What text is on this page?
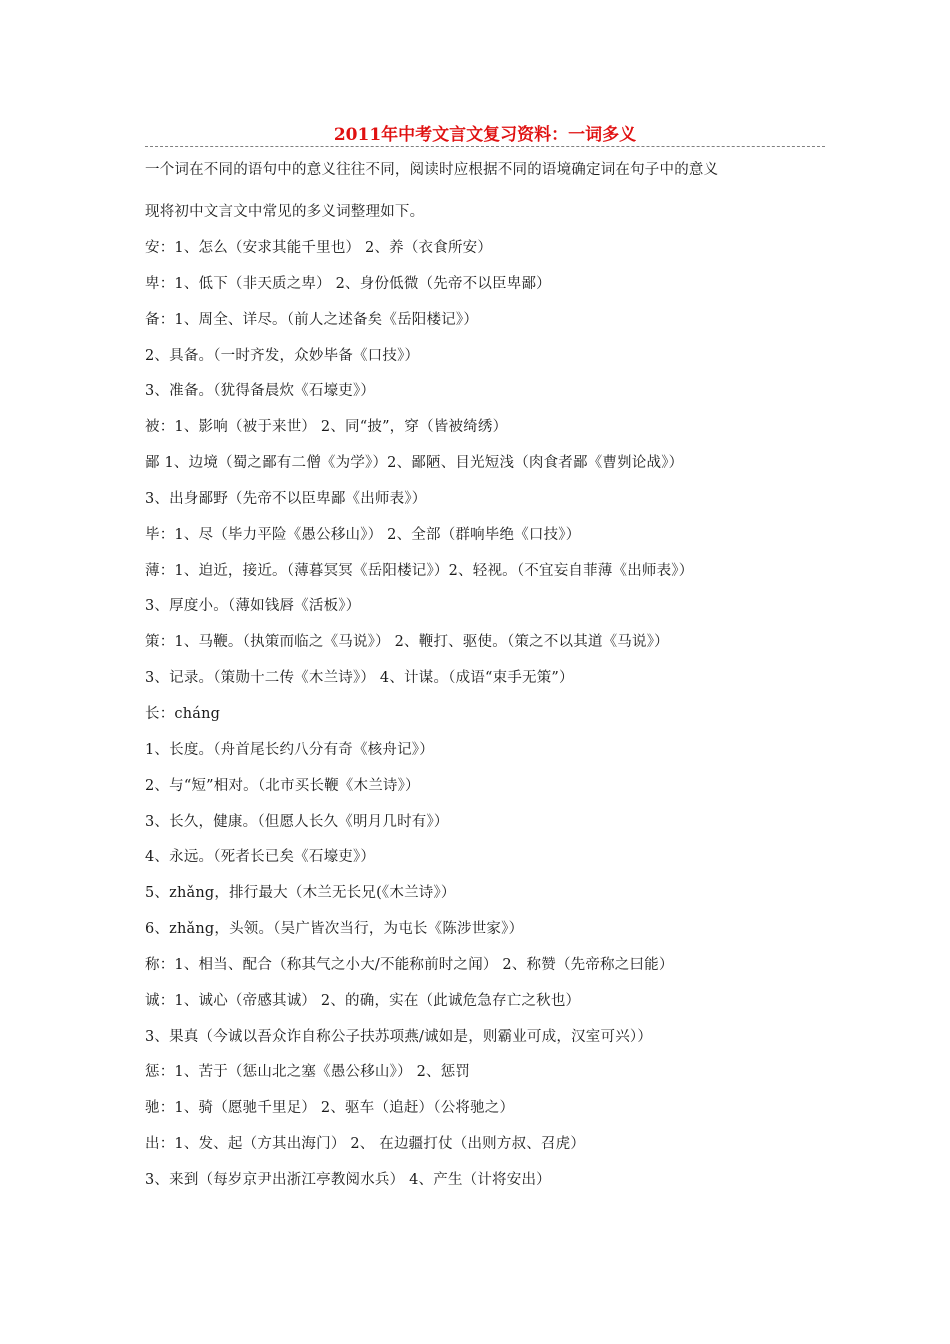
2011年中考文言文复习资料：一词多义
一个词在不同的语句中的意义往往不同，阅读时应根据不同的语境确定词在句子中的意义
现将初中文言文中常见的多义词整理如下。
安：1、怎么（安求其能千里也） 2、养（衣食所安）
卑：1、低下（非天质之卑） 2、身份低微（先帝不以臣卑鄙）
备：1、周全、详尽。（前人之述备矣《岳阳楼记》）
2、具备。（一时齐发，众妙毕备《口技》）
3、准备。（犹得备晨炊《石壕吏》）
被：1、影响（被于来世） 2、同“披”，穿（皆被绮绣）
鄙 1、边境（蜀之鄙有二僧《为学》）2、鄙陋、目光短浅（肉食者鄙《曹刿论战》）
3、出身鄙野（先帝不以臣卑鄙《出师表》）
毕：1、尽（毕力平险《愚公移山》） 2、全部（群响毕绝《口技》）
薄：1、迫近，接近。（薄暮冥冥《岳阳楼记》）2、轻视。（不宜妄自菲薄《出师表》）
3、厚度小。（薄如钱唇《活板》）
策：1、马鞭。（执策而临之《马说》） 2、鞭打、驱使。（策之不以其道《马说》）
3、记录。（策勋十二传《木兰诗》） 4、计谋。（成语“束手无策”）
长：cháng
1、长度。（舟首尾长约八分有奇《核舟记》）
2、与“短”相对。（北市买长鞭《木兰诗》）
3、长久，健康。（但愿人长久《明月几时有》）
4、永远。（死者长已矣《石壕吏》）
5、zhǎng，排行最大（木兰无长兄(《木兰诗》）
6、zhǎng，头领。（吴广皆次当行，为屯长《陈涉世家》）
称：1、相当、配合（称其气之小大/不能称前时之闻） 2、称赞（先帝称之曰能）
诚：1、诚心（帝感其诚） 2、的确，实在（此诚危急存亡之秋也）
3、果真（今诚以吾众诈自称公子扶苏项燕/诚如是，则霸业可成，汉室可兴））
惩：1、苦于（惩山北之塞《愚公移山》） 2、惩罚
驰：1、骑（愿驰千里足） 2、驱车（追赶）（公将驰之）
出：1、发、起（方其出海门） 2、 在边疆打仗（出则方叔、召虎）
3、来到（每岁京尹出浙江亭教阅水兵） 4、产生（计将安出）
